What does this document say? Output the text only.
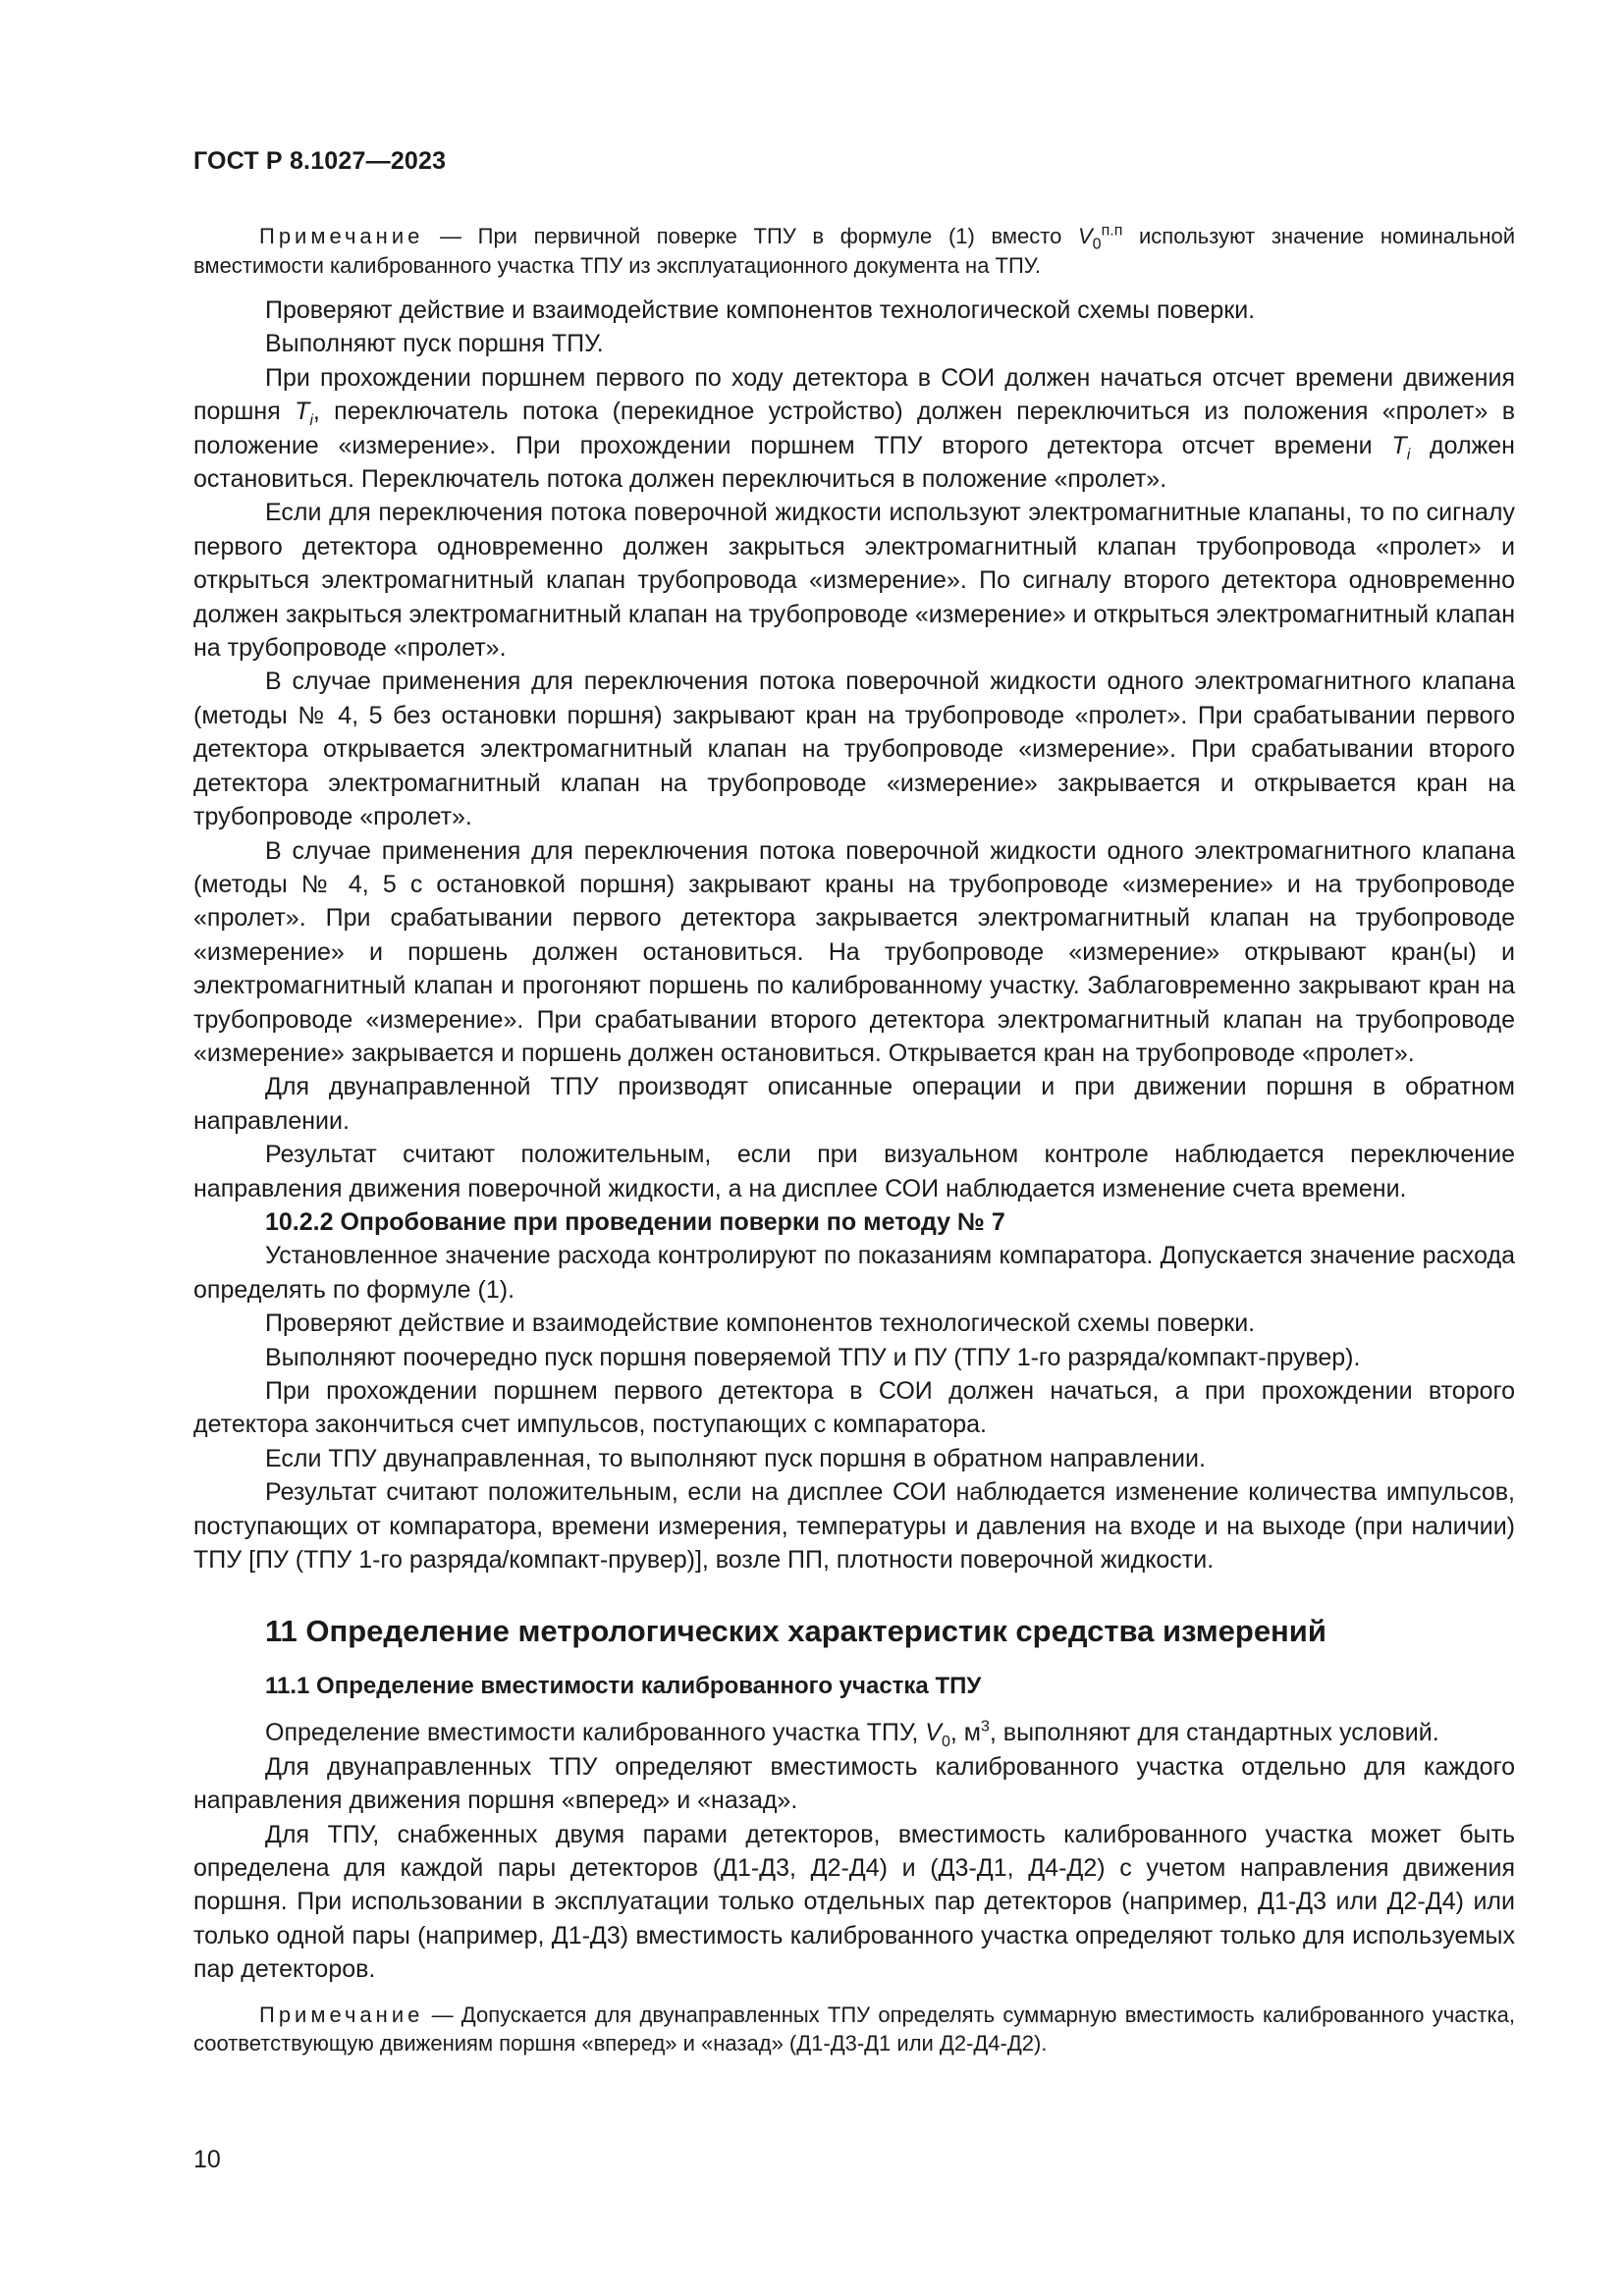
ГОСТ Р 8.1027—2023

Примечание — При первичной поверке ТПУ в формуле (1) вместо $V_0^{п.п}$ используют значение номинальной вместимости калиброванного участка ТПУ из эксплуатационного документа на ТПУ.

Проверяют действие и взаимодействие компонентов технологической схемы поверки.

Выполняют пуск поршня ТПУ.

При прохождении поршнем первого по ходу детектора в СОИ должен начаться отсчет времени движения поршня $T_i$, переключатель потока (перекидное устройство) должен переключиться из положения «пролет» в положение «измерение». При прохождении поршнем ТПУ второго детектора отсчет времени $T_i$ должен остановиться. Переключатель потока должен переключиться в положение «пролет».

Если для переключения потока поверочной жидкости используют электромагнитные клапаны, то по сигналу первого детектора одновременно должен закрыться электромагнитный клапан трубопровода «пролет» и открыться электромагнитный клапан трубопровода «измерение». По сигналу второго детектора одновременно должен закрыться электромагнитный клапан на трубопроводе «измерение» и открыться электромагнитный клапан на трубопроводе «пролет».

В случае применения для переключения потока поверочной жидкости одного электромагнитного клапана (методы № 4, 5 без остановки поршня) закрывают кран на трубопроводе «пролет». При срабатывании первого детектора открывается электромагнитный клапан на трубопроводе «измерение». При срабатывании второго детектора электромагнитный клапан на трубопроводе «измерение» закрывается и открывается кран на трубопроводе «пролет».

В случае применения для переключения потока поверочной жидкости одного электромагнитного клапана (методы № 4, 5 с остановкой поршня) закрывают краны на трубопроводе «измерение» и на трубопроводе «пролет». При срабатывании первого детектора закрывается электромагнитный клапан на трубопроводе «измерение» и поршень должен остановиться. На трубопроводе «измерение» открывают кран(ы) и электромагнитный клапан и прогоняют поршень по калиброванному участку. Заблаговременно закрывают кран на трубопроводе «измерение». При срабатывании второго детектора электромагнитный клапан на трубопроводе «измерение» закрывается и поршень должен остановиться. Открывается кран на трубопроводе «пролет».

Для двунаправленной ТПУ производят описанные операции и при движении поршня в обратном направлении.

Результат считают положительным, если при визуальном контроле наблюдается переключение направления движения поверочной жидкости, а на дисплее СОИ наблюдается изменение счета времени.

10.2.2 Опробование при проведении поверки по методу № 7

Установленное значение расхода контролируют по показаниям компаратора. Допускается значение расхода определять по формуле (1).

Проверяют действие и взаимодействие компонентов технологической схемы поверки.

Выполняют поочередно пуск поршня поверяемой ТПУ и ПУ (ТПУ 1-го разряда/компакт-прувер).

При прохождении поршнем первого детектора в СОИ должен начаться, а при прохождении второго детектора закончиться счет импульсов, поступающих с компаратора.

Если ТПУ двунаправленная, то выполняют пуск поршня в обратном направлении.

Результат считают положительным, если на дисплее СОИ наблюдается изменение количества импульсов, поступающих от компаратора, времени измерения, температуры и давления на входе и на выходе (при наличии) ТПУ [ПУ (ТПУ 1-го разряда/компакт-прувер)], возле ПП, плотности поверочной жидкости.

11 Определение метрологических характеристик средства измерений
11.1 Определение вместимости калиброванного участка ТПУ

Определение вместимости калиброванного участка ТПУ, $V_0$, $м^3$, выполняют для стандартных условий.

Для двунаправленных ТПУ определяют вместимость калиброванного участка отдельно для каждого направления движения поршня «вперед» и «назад».

Для ТПУ, снабженных двумя парами детекторов, вместимость калиброванного участка может быть определена для каждой пары детекторов (Д1-Д3, Д2-Д4) и (Д3-Д1, Д4-Д2) с учетом направления движения поршня. При использовании в эксплуатации только отдельных пар детекторов (например, Д1-Д3 или Д2-Д4) или только одной пары (например, Д1-Д3) вместимость калиброванного участка определяют только для используемых пар детекторов.

Примечание — Допускается для двунаправленных ТПУ определять суммарную вместимость калиброванного участка, соответствующую движениям поршня «вперед» и «назад» (Д1-Д3-Д1 или Д2-Д4-Д2).

10
